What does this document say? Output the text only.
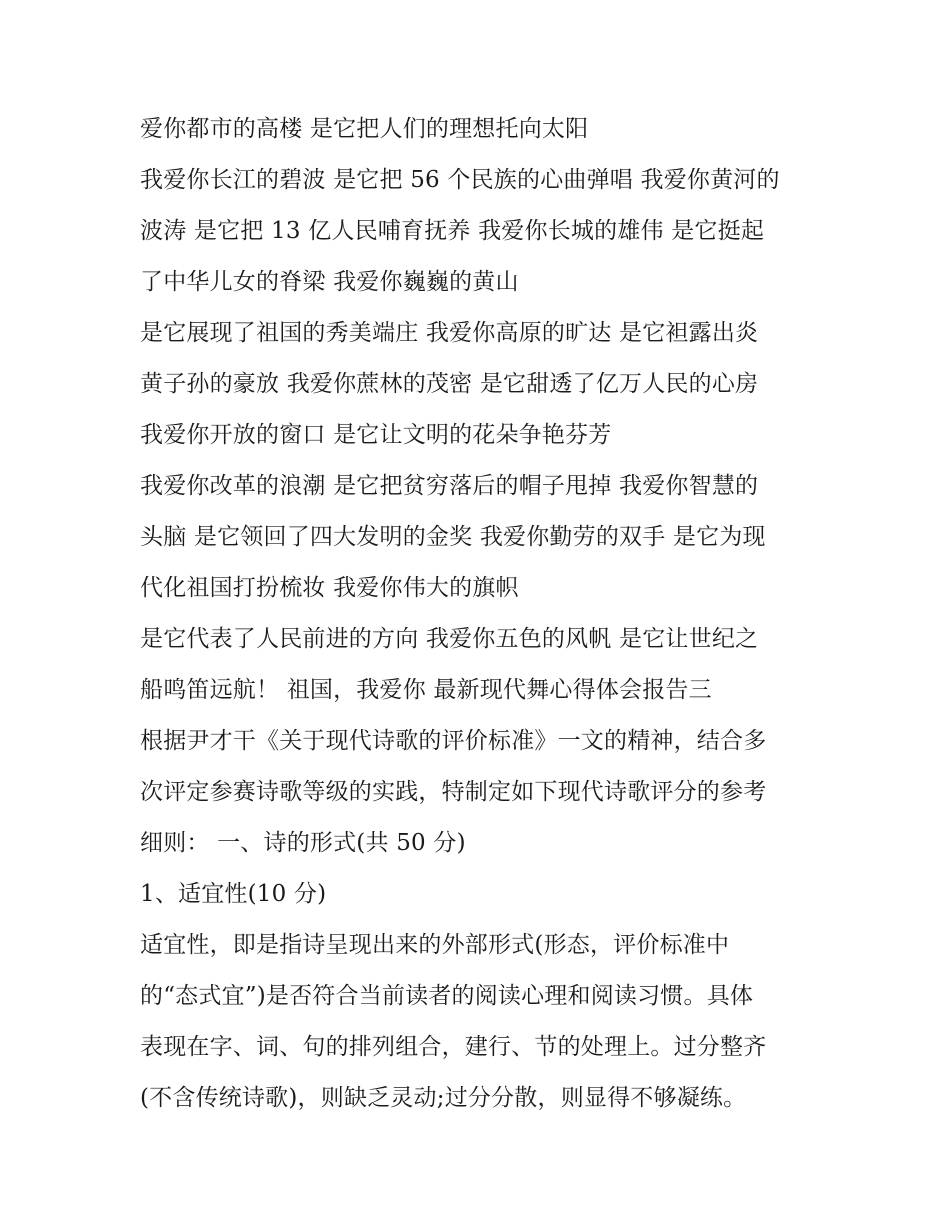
爱你都市的高楼 是它把人们的理想托向太阳
我爱你长江的碧波 是它把 56 个民族的心曲弹唱 我爱你黄河的
波涛 是它把 13 亿人民哺育抚养 我爱你长城的雄伟 是它挺起
了中华儿女的脊梁 我爱你巍巍的黄山
是它展现了祖国的秀美端庄 我爱你高原的旷达 是它袒露出炎
黄子孙的豪放 我爱你蔗林的茂密 是它甜透了亿万人民的心房
我爱你开放的窗口 是它让文明的花朵争艳芬芳
我爱你改革的浪潮 是它把贫穷落后的帽子甩掉 我爱你智慧的
头脑 是它领回了四大发明的金奖 我爱你勤劳的双手 是它为现
代化祖国打扮梳妆 我爱你伟大的旗帜
是它代表了人民前进的方向 我爱你五色的风帆 是它让世纪之
船鸣笛远航！ 祖国，我爱你 最新现代舞心得体会报告三
根据尹才干《关于现代诗歌的评价标准》一文的精神，结合多
次评定参赛诗歌等级的实践，特制定如下现代诗歌评分的参考
细则： 一、诗的形式(共 50 分)
1、适宜性(10 分)
适宜性，即是指诗呈现出来的外部形式(形态，评价标准中
的“态式宜”)是否符合当前读者的阅读心理和阅读习惯。具体
表现在字、词、句的排列组合，建行、节的处理上。过分整齐
(不含传统诗歌)，则缺乏灵动;过分分散，则显得不够凝练。
